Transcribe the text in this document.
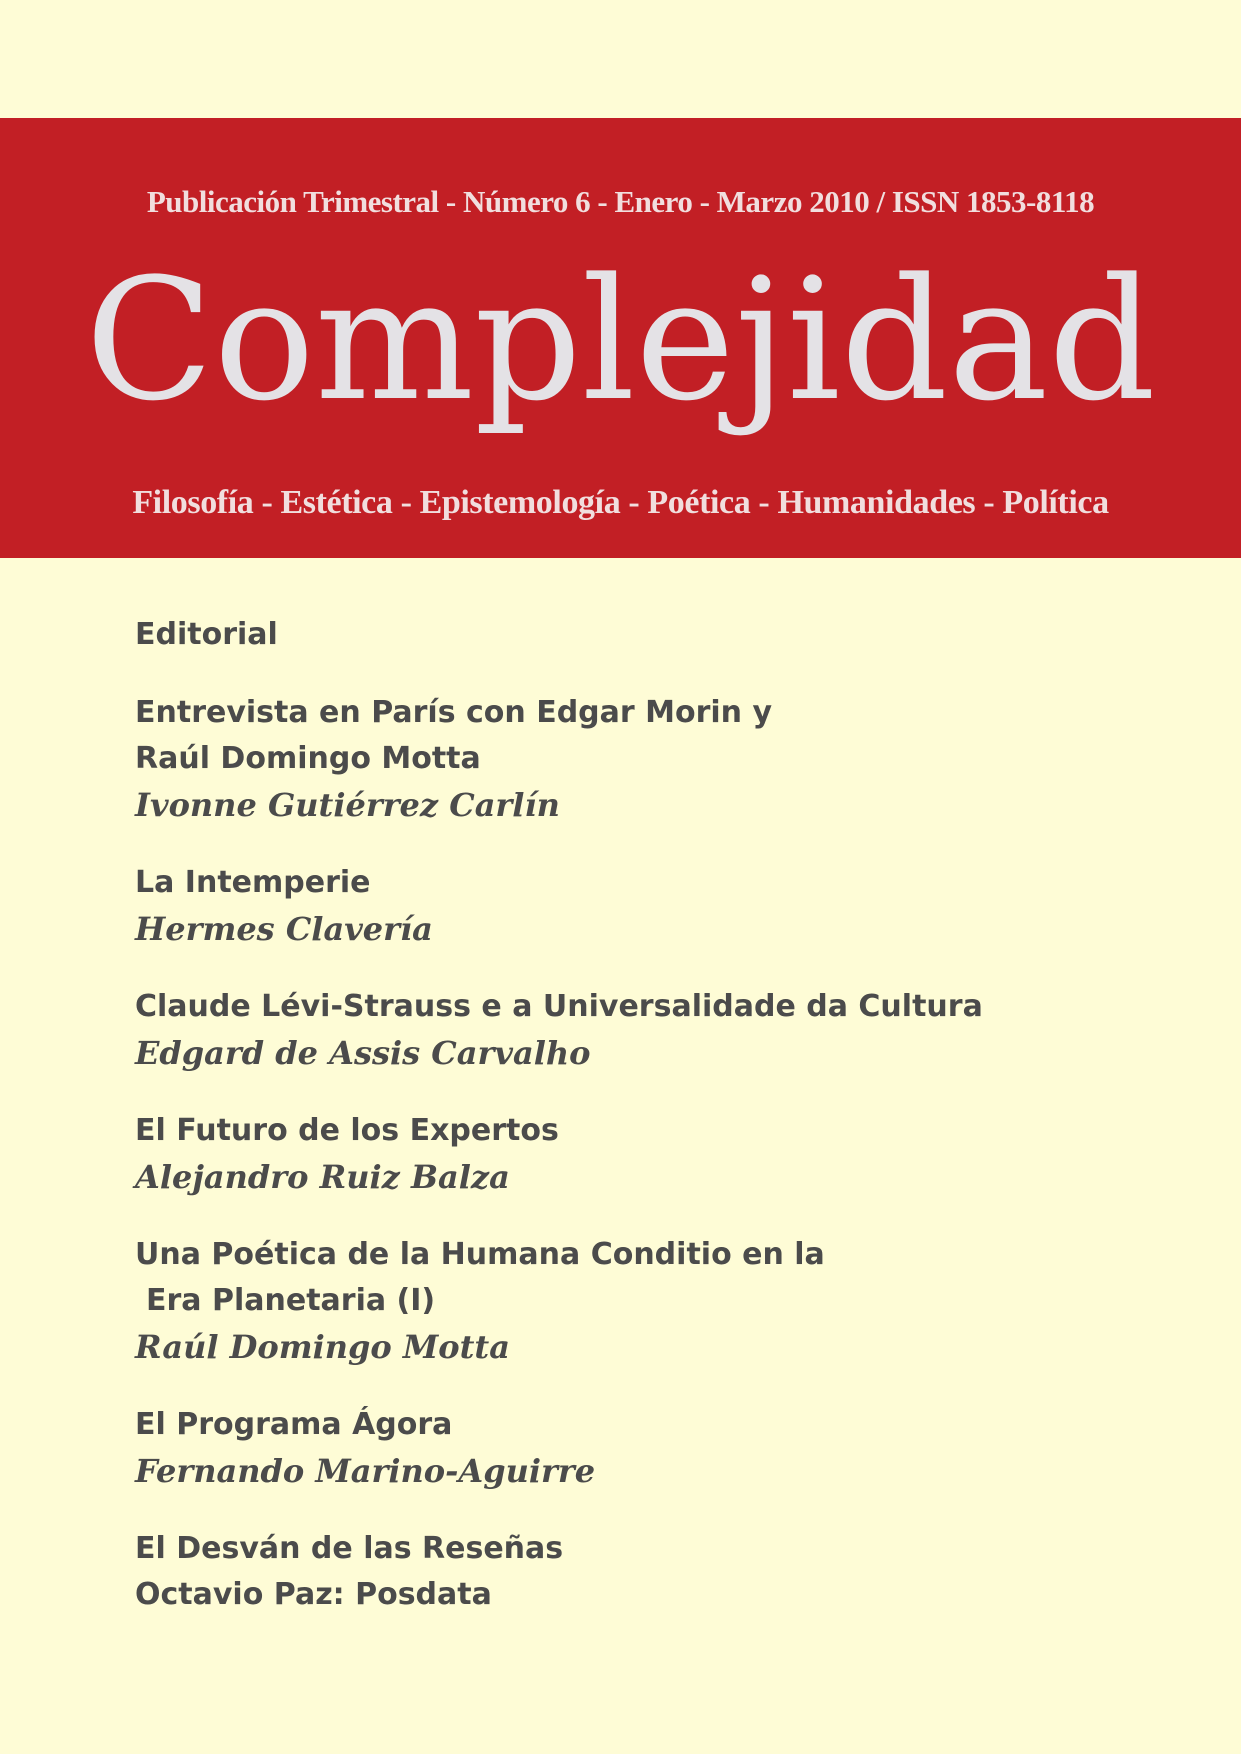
Publicación Trimestral - Número 6 - Enero - Marzo 2010 / ISSN 1853-8118
Complejidad
Filosofía - Estética - Epistemología - Poética - Humanidades - Política
Editorial
Entrevista en París con Edgar Morin y
Raúl Domingo Motta
Ivonne Gutiérrez Carlín
La Intemperie
Hermes Clavería
Claude Lévi-Strauss e a Universalidade da Cultura
Edgard de Assis Carvalho
El Futuro de los Expertos
Alejandro Ruiz Balza
Una Poética de la Humana Conditio en la
Era Planetaria (I)
Raúl Domingo Motta
El Programa Ágora
Fernando Marino-Aguirre
El Desván de las Reseñas
Octavio Paz: Posdata
